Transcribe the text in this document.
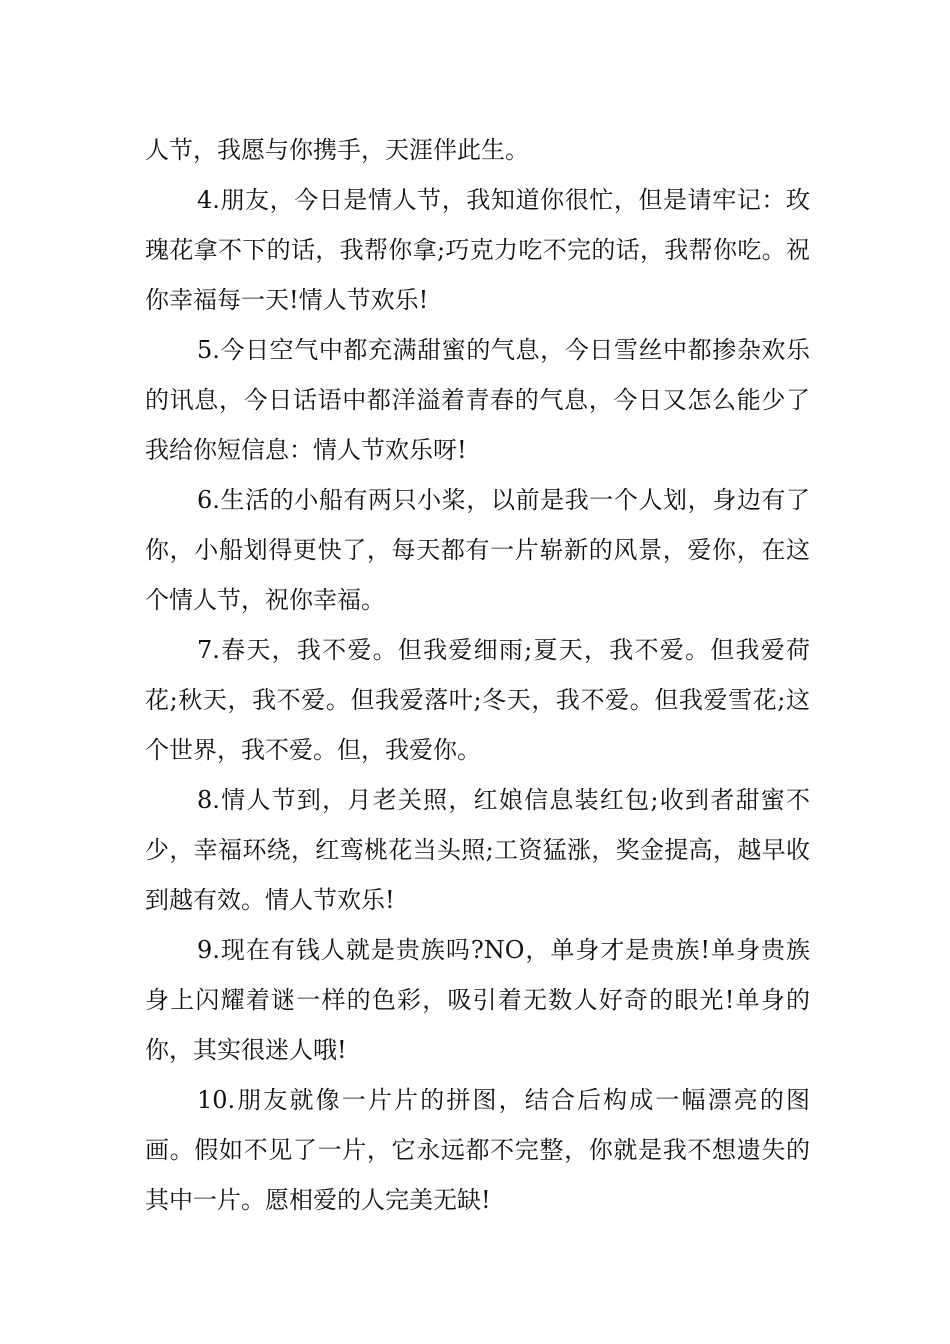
人节，我愿与你携手，天涯伴此生。

4.朋友，今日是情人节，我知道你很忙，但是请牢记：玫瑰花拿不下的话，我帮你拿;巧克力吃不完的话，我帮你吃。祝你幸福每一天!情人节欢乐!

5.今日空气中都充满甜蜜的气息，今日雪丝中都掺杂欢乐的讯息，今日话语中都洋溢着青春的气息，今日又怎么能少了我给你短信息：情人节欢乐呀!

6.生活的小船有两只小桨，以前是我一个人划，身边有了你，小船划得更快了，每天都有一片崭新的风景，爱你，在这个情人节，祝你幸福。

7.春天，我不爱。但我爱细雨;夏天，我不爱。但我爱荷花;秋天，我不爱。但我爱落叶;冬天，我不爱。但我爱雪花;这个世界，我不爱。但，我爱你。

8.情人节到，月老关照，红娘信息装红包;收到者甜蜜不少，幸福环绕，红鸾桃花当头照;工资猛涨，奖金提高，越早收到越有效。情人节欢乐!

9.现在有钱人就是贵族吗?NO，单身才是贵族!单身贵族身上闪耀着谜一样的色彩，吸引着无数人好奇的眼光!单身的你，其实很迷人哦!

10.朋友就像一片片的拼图，结合后构成一幅漂亮的图画。假如不见了一片，它永远都不完整，你就是我不想遗失的其中一片。愿相爱的人完美无缺!
